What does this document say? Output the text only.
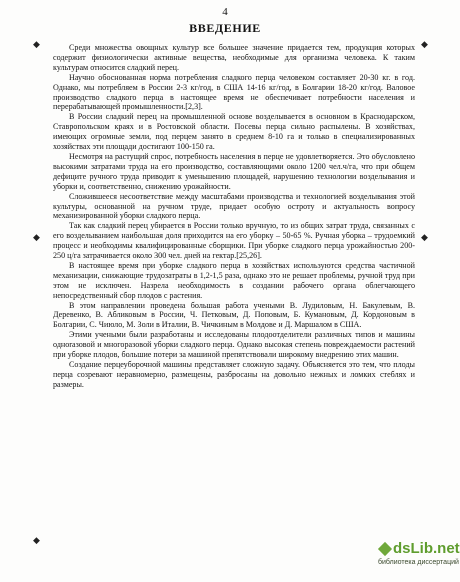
4
ВВЕДЕНИЕ

Среди множества овощных культур все большее значение придается тем, продукция которых содержит физиологически активные вещества, необходимые для организма человека. К таким культурам относится сладкий перец.

Научно обоснованная норма потребления сладкого перца человеком составляет 20-30 кг. в год. Однако, мы потребляем в России 2-3 кг/год, в США 14-16 кг/год, в Болгарии 18-20 кг/год. Валовое производство сладкого перца в настоящее время не обеспечивает потребности населения и перерабатывающей промышленности.[2,3].

В России сладкий перец на промышленной основе возделывается в основном в Краснодарском, Ставропольском краях и в Ростовской области. Посевы перца сильно распылены. В хозяйствах, имеющих огромные земли, под перцем занято в среднем 8-10 га и только в специализированных хозяйствах эти площади достигают 100-150 га.

Несмотря на растущий спрос, потребность населения в перце не удовлетворяется. Это обусловлено высокими затратами труда на его производство, составляющими около 1200 чел.ч/га, что при общем дефиците ручного труда приводит к уменьшению площадей, нарушению технологии возделывания и уборки и, соответственно, снижению урожайности.

Сложившееся несоответствие между масштабами производства и технологией возделывания этой культуры, основанной на ручном труде, придает особую остроту и актуальность вопросу механизированной уборки сладкого перца.

Так как сладкий перец убирается в России только вручную, то из общих затрат труда, связанных с его возделыванием наибольшая доля приходится на его уборку – 50-65 %. Ручная уборка – трудоемкий процесс и необходимы квалифицированные сборщики. При уборке сладкого перца урожайностью 200-250 ц/га затрачивается около 300 чел. дней на гектар.[25,26].

В настоящее время при уборке сладкого перца в хозяйствах используются средства частичной механизации, снижающие трудозатраты в 1,2-1,5 раза, однако это не решает проблемы, ручной труд при этом не исключен. Назрела необходимость в создании рабочего органа облегчающего непосредственный сбор плодов с растения.

В этом направлении проведена большая работа учеными В. Лудиловым, Н. Бакулевым, В. Деревенко, В. Абликовым в России, Ч. Петковым, Д. Поповым, Б. Кумановым, Д. Кордоновым в Болгарии, С. Чиюло, М. Золи в Италии, В. Чичкиным в Молдове и Д. Маршалом в США.

Этими учеными были разработаны и исследованы плодоотделители различных типов и машины однorазовой и многоразовой уборки сладкого перца. Однако высокая степень повреждаемости растений при уборке плодов, большие потери за машиной препятствовали широкому внедрению этих машин.

Создание перцеуборочной машины представляет сложную задачу. Объясняется это тем, что плоды перца созревают неравномерно, размещены, разбросаны на довольно нежных и ломких стеблях и размеры.

◆	◆
◆	◆
◆	dsLib.net
библиотека диссертаций
